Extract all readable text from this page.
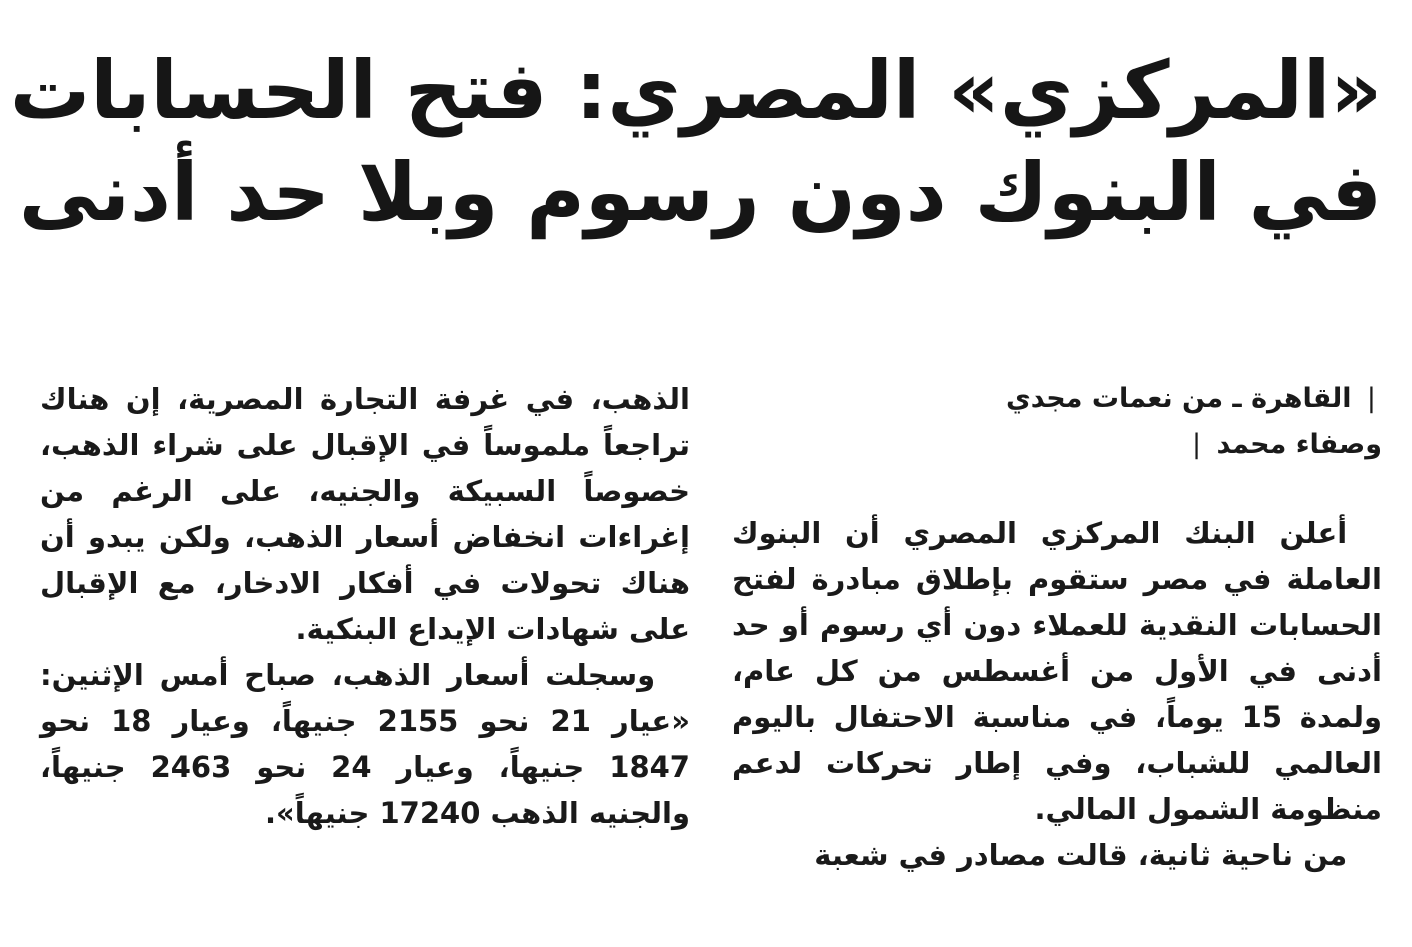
«المركزي» المصري: فتح الحسابات
في البنوك دون رسوم وبلا حد أدنى
| القاهرة ـ من نعمات مجدي
وصفاء محمد |

أعلن البنك المركزي المصري أن البنوك العاملة في مصر ستقوم بإطلاق مبادرة لفتح الحسابات النقدية للعملاء دون أي رسوم أو حد أدنى في الأول من أغسطس من كل عام، ولمدة 15 يوماً، في مناسبة الاحتفال باليوم العالمي للشباب، وفي إطار تحركات لدعم منظومة الشمول المالي.

من ناحية ثانية، قالت مصادر في شعبة

الذهب، في غرفة التجارة المصرية، إن هناك تراجعاً ملموساً في الإقبال على شراء الذهب، خصوصاً السبيكة والجنيه، على الرغم من إغراءات انخفاض أسعار الذهب، ولكن يبدو أن هناك تحولات في أفكار الادخار، مع الإقبال على شهادات الإيداع البنكية.

وسجلت أسعار الذهب، صباح أمس الإثنين: «عيار 21 نحو 2155 جنيهاً، وعيار 18 نحو 1847 جنيهاً، وعيار 24 نحو 2463 جنيهاً، والجنيه الذهب 17240 جنيهاً».
